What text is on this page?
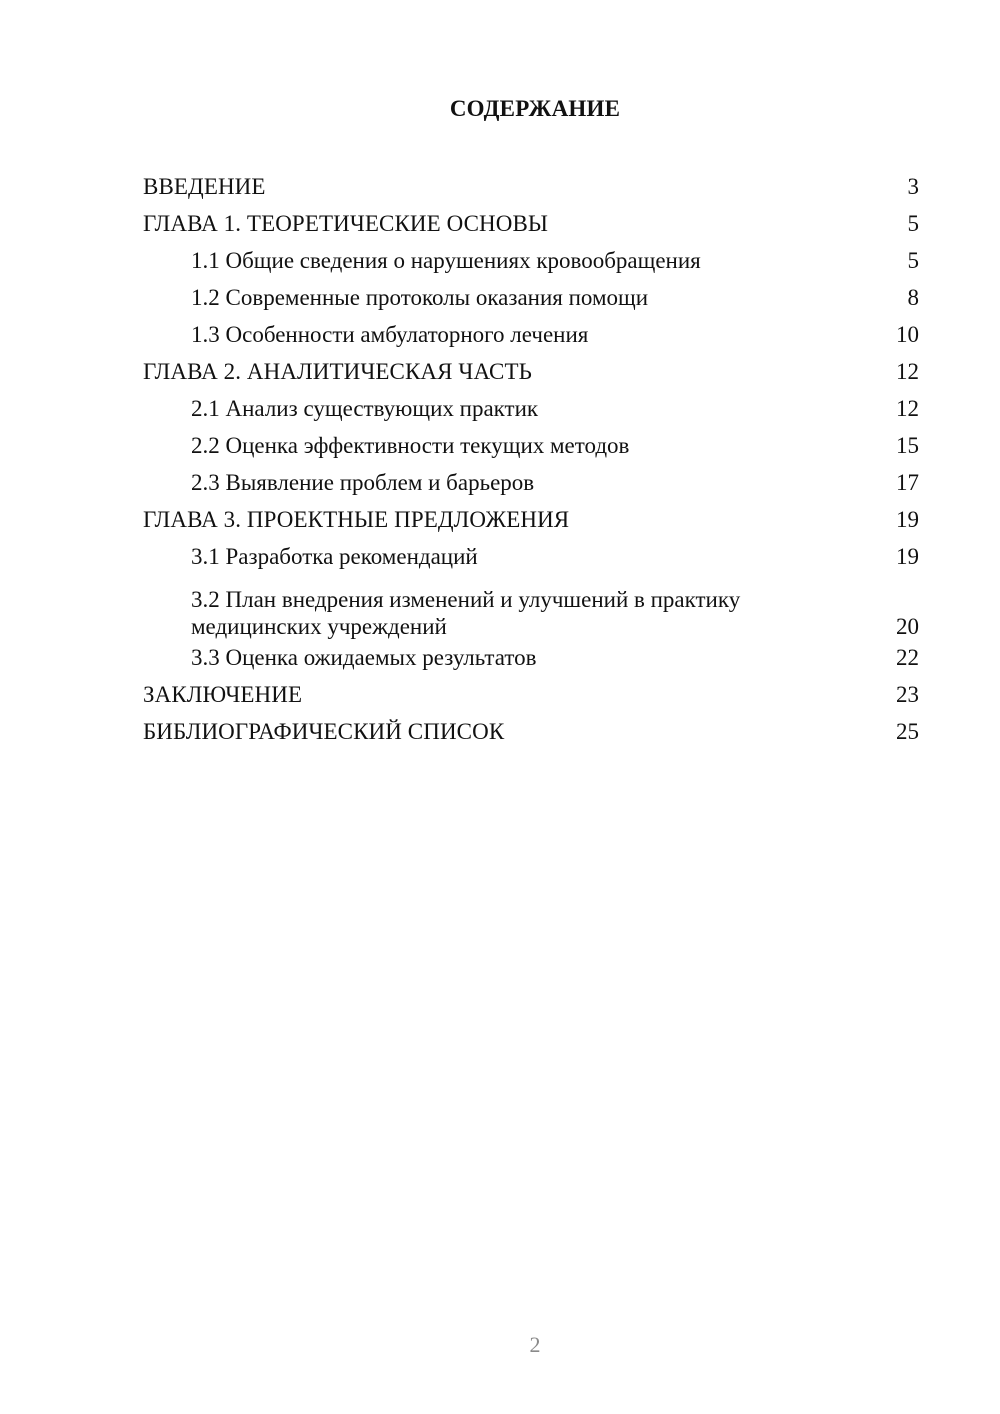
СОДЕРЖАНИЕ
ВВЕДЕНИЕ	3
ГЛАВА 1. ТЕОРЕТИЧЕСКИЕ ОСНОВЫ	5
1.1 Общие сведения о нарушениях кровообращения	5
1.2 Современные протоколы оказания помощи	8
1.3 Особенности амбулаторного лечения	10
ГЛАВА 2. АНАЛИТИЧЕСКАЯ ЧАСТЬ	12
2.1 Анализ существующих практик	12
2.2 Оценка эффективности текущих методов	15
2.3 Выявление проблем и барьеров	17
ГЛАВА 3. ПРОЕКТНЫЕ ПРЕДЛОЖЕНИЯ	19
3.1 Разработка рекомендаций	19
3.2 План внедрения изменений и улучшений в практику
медицинских учреждений	20
3.3 Оценка ожидаемых результатов	22
ЗАКЛЮЧЕНИЕ	23
БИБЛИОГРАФИЧЕСКИЙ СПИСОК	25
2
